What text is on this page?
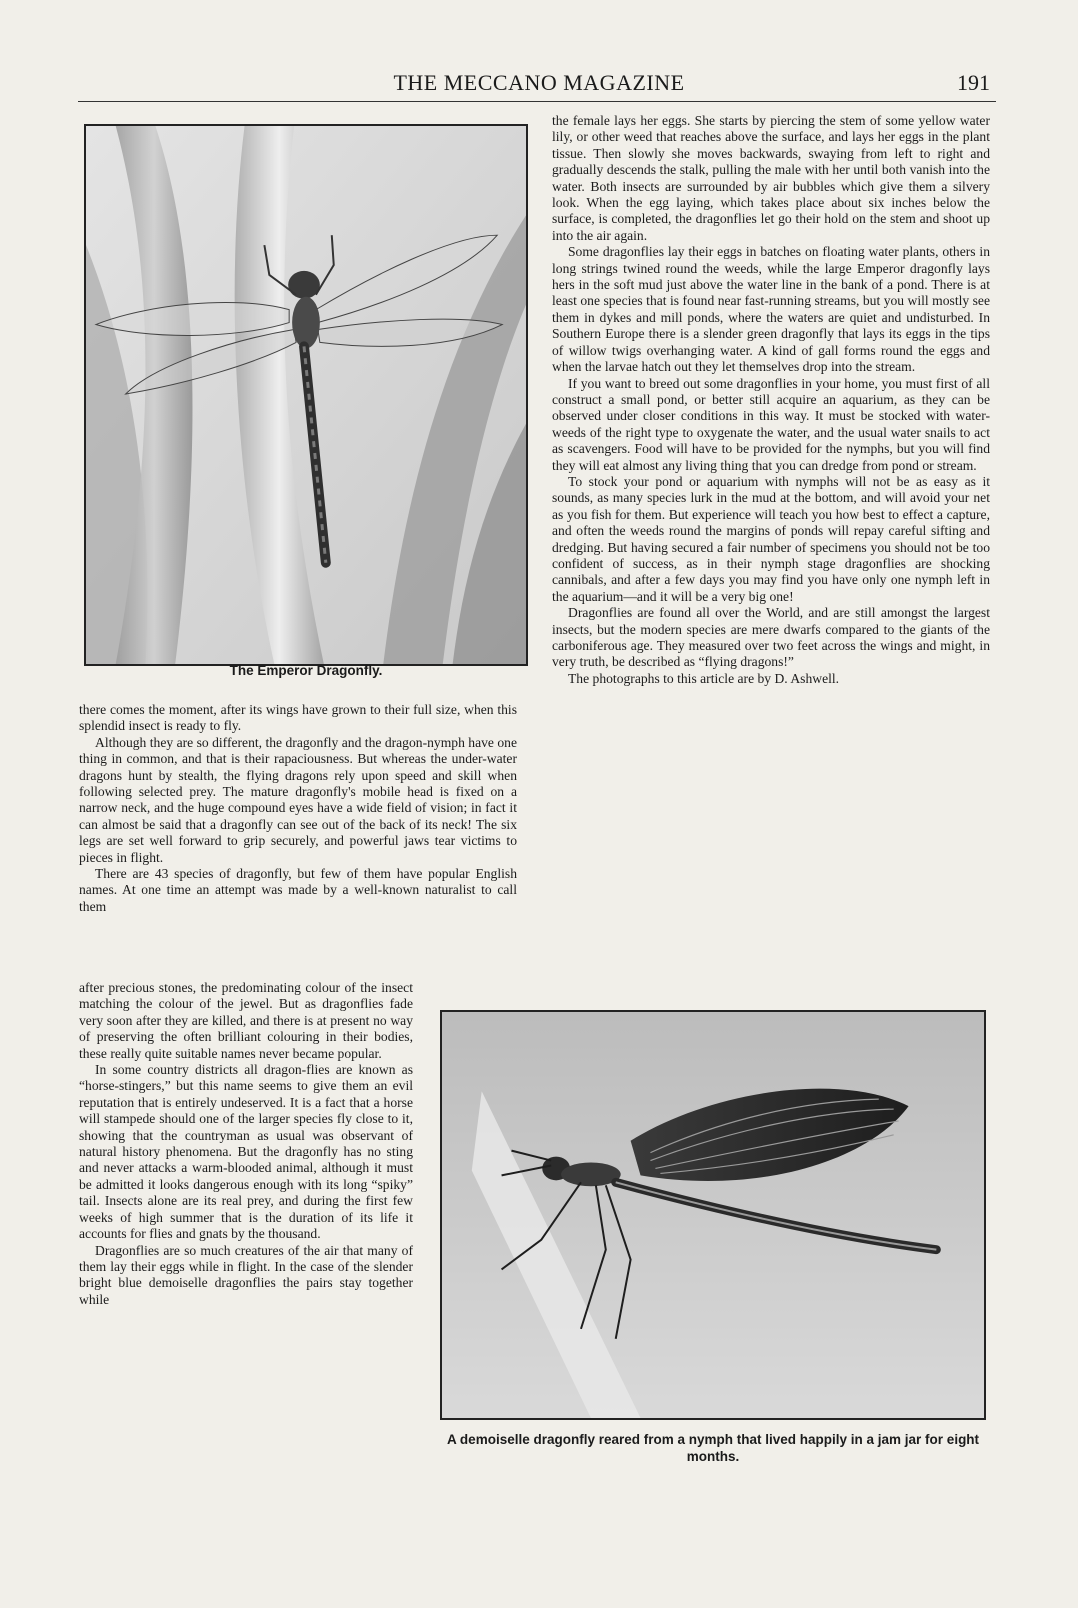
THE MECCANO MAGAZINE	191
The Emperor Dragonfly.

there comes the moment, after its wings have grown to their full size, when this splendid insect is ready to fly.

Although they are so different, the dragonfly and the dragon-nymph have one thing in common, and that is their rapaciousness. But whereas the under-water dragons hunt by stealth, the flying dragons rely upon speed and skill when following selected prey. The mature dragonfly's mobile head is fixed on a narrow neck, and the huge compound eyes have a wide field of vision; in fact it can almost be said that a dragonfly can see out of the back of its neck! The six legs are set well forward to grip securely, and powerful jaws tear victims to pieces in flight.

There are 43 species of dragonfly, but few of them have popular English names. At one time an attempt was made by a well-known naturalist to call them

after precious stones, the predominating colour of the insect matching the colour of the jewel. But as dragonflies fade very soon after they are killed, and there is at present no way of preserving the often brilliant colouring in their bodies, these really quite suitable names never became popular.

In some country districts all dragon-flies are known as “horse-stingers,” but this name seems to give them an evil reputation that is entirely undeserved. It is a fact that a horse will stampede should one of the larger species fly close to it, showing that the countryman as usual was observant of natural history phenomena. But the dragonfly has no sting and never attacks a warm-blooded animal, although it must be admitted it looks dangerous enough with its long “spiky” tail. Insects alone are its real prey, and during the first few weeks of high summer that is the duration of its life it accounts for flies and gnats by the thousand.

Dragonflies are so much creatures of the air that many of them lay their eggs while in flight. In the case of the slender bright blue demoiselle dragonflies the pairs stay together while

the female lays her eggs. She starts by piercing the stem of some yellow water lily, or other weed that reaches above the surface, and lays her eggs in the plant tissue. Then slowly she moves backwards, swaying from left to right and gradually descends the stalk, pulling the male with her until both vanish into the water. Both insects are surrounded by air bubbles which give them a silvery look. When the egg laying, which takes place about six inches below the surface, is completed, the dragonflies let go their hold on the stem and shoot up into the air again.

Some dragonflies lay their eggs in batches on floating water plants, others in long strings twined round the weeds, while the large Emperor dragonfly lays hers in the soft mud just above the water line in the bank of a pond. There is at least one species that is found near fast-running streams, but you will mostly see them in dykes and mill ponds, where the waters are quiet and undisturbed. In Southern Europe there is a slender green dragonfly that lays its eggs in the tips of willow twigs overhanging water. A kind of gall forms round the eggs and when the larvae hatch out they let themselves drop into the stream.

If you want to breed out some dragonflies in your home, you must first of all construct a small pond, or better still acquire an aquarium, as they can be observed under closer conditions in this way. It must be stocked with water-weeds of the right type to oxygenate the water, and the usual water snails to act as scavengers. Food will have to be provided for the nymphs, but you will find they will eat almost any living thing that you can dredge from pond or stream.

To stock your pond or aquarium with nymphs will not be as easy as it sounds, as many species lurk in the mud at the bottom, and will avoid your net as you fish for them. But experience will teach you how best to effect a capture, and often the weeds round the margins of ponds will repay careful sifting and dredging. But having secured a fair number of specimens you should not be too confident of success, as in their nymph stage dragonflies are shocking cannibals, and after a few days you may find you have only one nymph left in the aquarium—and it will be a very big one!

Dragonflies are found all over the World, and are still amongst the largest insects, but the modern species are mere dwarfs compared to the giants of the carboniferous age. They measured over two feet across the wings and might, in very truth, be described as “flying dragons!”

The photographs to this article are by D. Ashwell.

A demoiselle dragonfly reared from a nymph that lived happily in a jam jar for eight months.
